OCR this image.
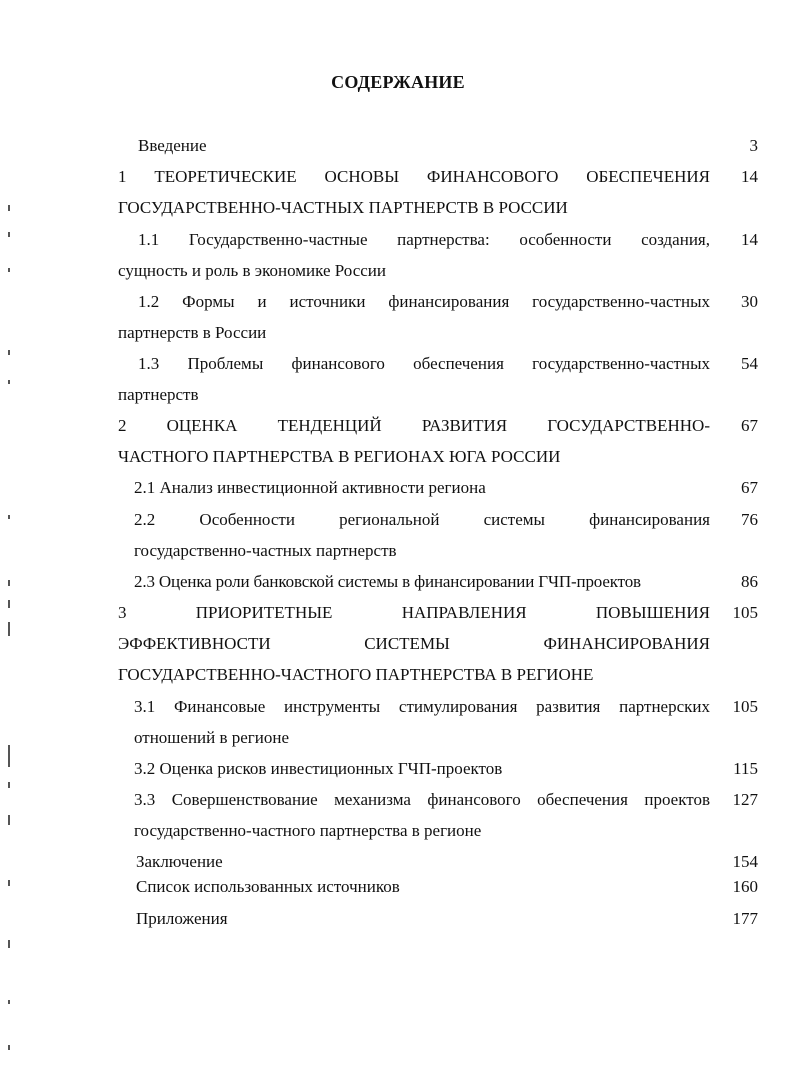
СОДЕРЖАНИЕ
Введение	3
1 ТЕОРЕТИЧЕСКИЕ ОСНОВЫ ФИНАНСОВОГО ОБЕСПЕЧЕНИЯ
ГОСУДАРСТВЕННО-ЧАСТНЫХ ПАРТНЕРСТВ В РОССИИ
14
1.1 Государственно-частные партнерства: особенности создания,
сущность и роль в экономике России
14
1.2 Формы и источники финансирования государственно-частных
партнерств в России
30
1.3 Проблемы финансового обеспечения государственно-частных
партнерств
54
2 ОЦЕНКА ТЕНДЕНЦИЙ РАЗВИТИЯ ГОСУДАРСТВЕННО-
ЧАСТНОГО ПАРТНЕРСТВА В РЕГИОНАХ ЮГА РОССИИ
67
2.1 Анализ инвестиционной активности региона	67
2.2 Особенности региональной системы финансирования
государственно-частных партнерств
76
2.3 Оценка роли банковской системы в финансировании ГЧП-проектов	86
3 ПРИОРИТЕТНЫЕ НАПРАВЛЕНИЯ ПОВЫШЕНИЯ
ЭФФЕКТИВНОСТИ СИСТЕМЫ ФИНАНСИРОВАНИЯ
ГОСУДАРСТВЕННО-ЧАСТНОГО ПАРТНЕРСТВА В РЕГИОНЕ
105
3.1 Финансовые инструменты стимулирования развития партнерских
отношений в регионе
105
3.2 Оценка рисков инвестиционных ГЧП-проектов	115
3.3 Совершенствование механизма финансового обеспечения проектов
государственно-частного партнерства в регионе
127
Заключение	154
Список использованных источников	160
Приложения	177
